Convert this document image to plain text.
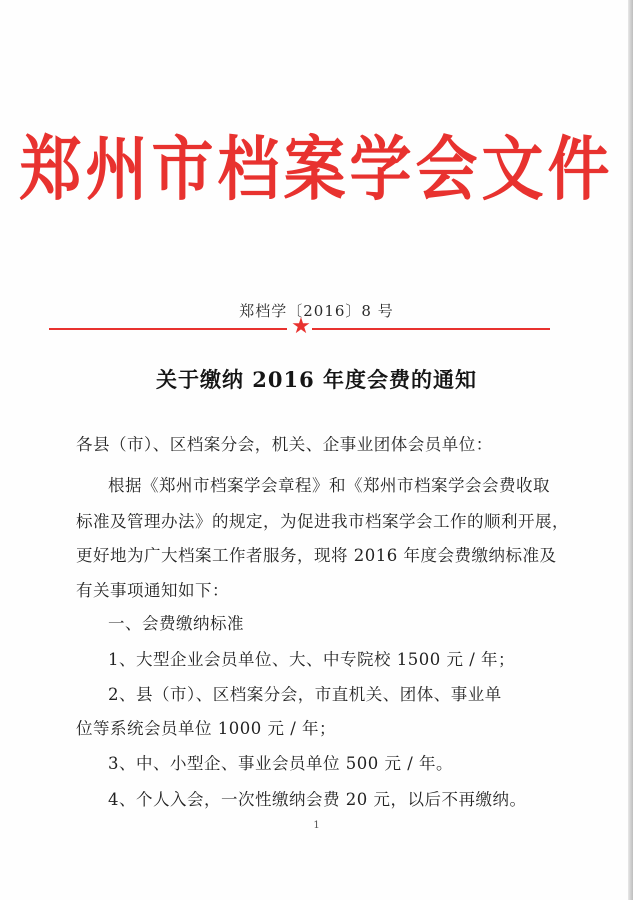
郑州市档案学会文件
郑档学〔2016〕8 号
★
关于缴纳 2016 年度会费的通知
各县（市）、区档案分会，机关、企事业团体会员单位：
根据《郑州市档案学会章程》和《郑州市档案学会会费收取
标准及管理办法》的规定，为促进我市档案学会工作的顺利开展，
更好地为广大档案工作者服务，现将 2016 年度会费缴纳标准及
有关事项通知如下：
一、会费缴纳标准
1、大型企业会员单位、大、中专院校 1500 元 / 年；
2、县（市）、区档案分会，市直机关、团体、事业单
位等系统会员单位 1000 元 / 年；
3、中、小型企、事业会员单位 500 元 / 年。
4、个人入会，一次性缴纳会费 20 元，以后不再缴纳。
1
